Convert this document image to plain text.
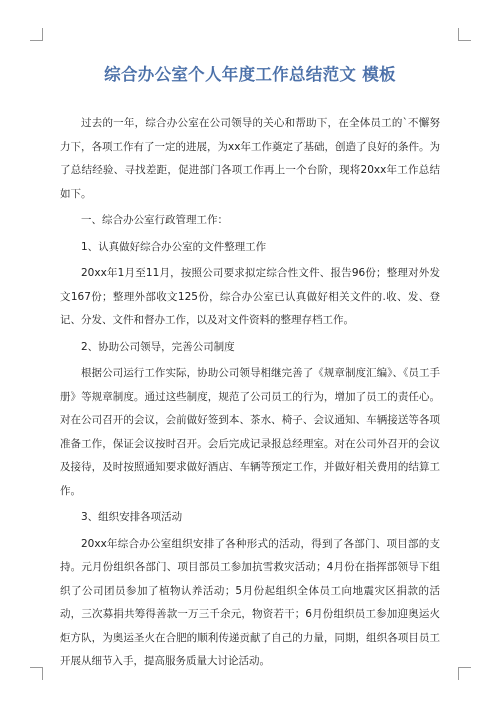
综合办公室个人年度工作总结范文 模板

过去的一年，综合办公室在公司领导的关心和帮助下，在全体员工的`不懈努力下，各项工作有了一定的进展，为xx年工作奠定了基础，创造了良好的条件。为了总结经验、寻找差距，促进部门各项工作再上一个台阶，现将20xx年工作总结如下。

一、综合办公室行政管理工作：

1、认真做好综合办公室的文件整理工作

20xx年1月至11月，按照公司要求拟定综合性文件、报告96份；整理对外发文167份；整理外部收文125份，综合办公室已认真做好相关文件的.收、发、登记、分发、文件和督办工作，以及对文件资料的整理存档工作。

2、协助公司领导，完善公司制度

根据公司运行工作实际，协助公司领导相继完善了《规章制度汇编》、《员工手册》等规章制度。通过这些制度，规范了公司员工的行为，增加了员工的责任心。对在公司召开的会议，会前做好签到本、茶水、椅子、会议通知、车辆接送等各项准备工作，保证会议按时召开。会后完成记录报总经理室。对在公司外召开的会议及接待，及时按照通知要求做好酒店、车辆等预定工作，并做好相关费用的结算工作。

3、组织安排各项活动

20xx年综合办公室组织安排了各种形式的活动，得到了各部门、项目部的支持。元月份组织各部门、项目部员工参加抗雪救灾活动；4月份在指挥部领导下组织了公司团员参加了植物认养活动；5月份起组织全体员工向地震灾区捐款的活动，三次募捐共筹得善款一万三千余元，物资若干；6月份组织员工参加迎奥运火炬方队，为奥运圣火在合肥的顺利传递贡献了自己的力量，同期，组织各项目员工开展从细节入手，提高服务质量大讨论活动。
